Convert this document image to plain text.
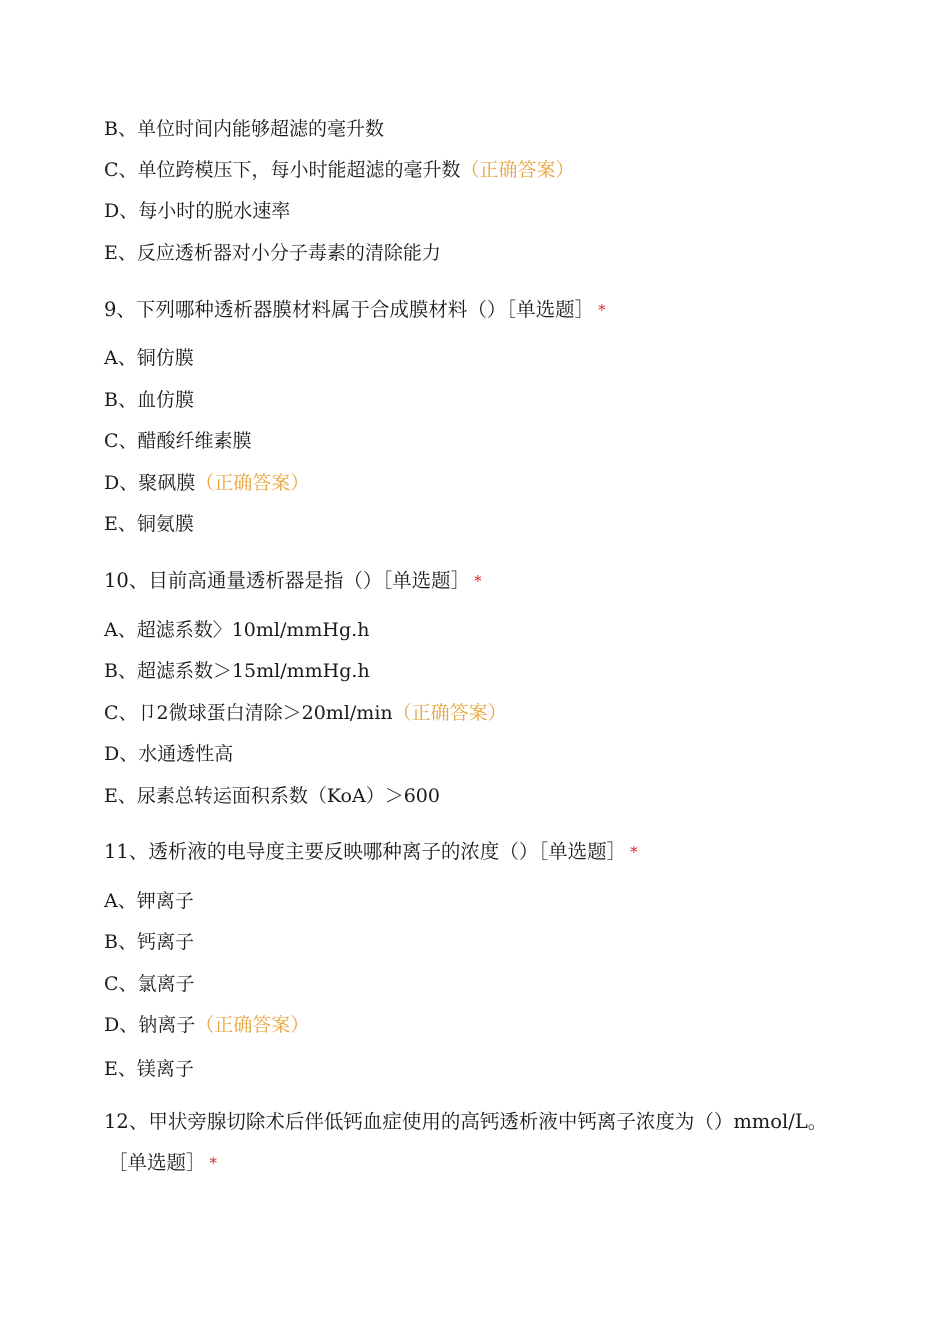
B、单位时间内能够超滤的毫升数
C、单位跨模压下，每小时能超滤的毫升数（正确答案）
D、每小时的脱水速率
E、反应透析器对小分子毒素的清除能力
9、下列哪种透析器膜材料属于合成膜材料（）［单选题］ *
A、铜仿膜
B、血仿膜
C、醋酸纤维素膜
D、聚砜膜（正确答案）
E、铜氨膜
10、目前高通量透析器是指（）［单选题］ *
A、超滤系数〉10ml/mmHg.h
B、超滤系数＞15ml/mmHg.h
C、卩2微球蛋白清除＞20ml/min（正确答案）
D、水通透性高
E、尿素总转运面积系数（KoA）＞600
11、透析液的电导度主要反映哪种离子的浓度（）［单选题］ *
A、钾离子
B、钙离子
C、氯离子
D、钠离子（正确答案）
E、镁离子
12、甲状旁腺切除术后伴低钙血症使用的高钙透析液中钙离子浓度为（）mmol/L。
［单选题］ *
